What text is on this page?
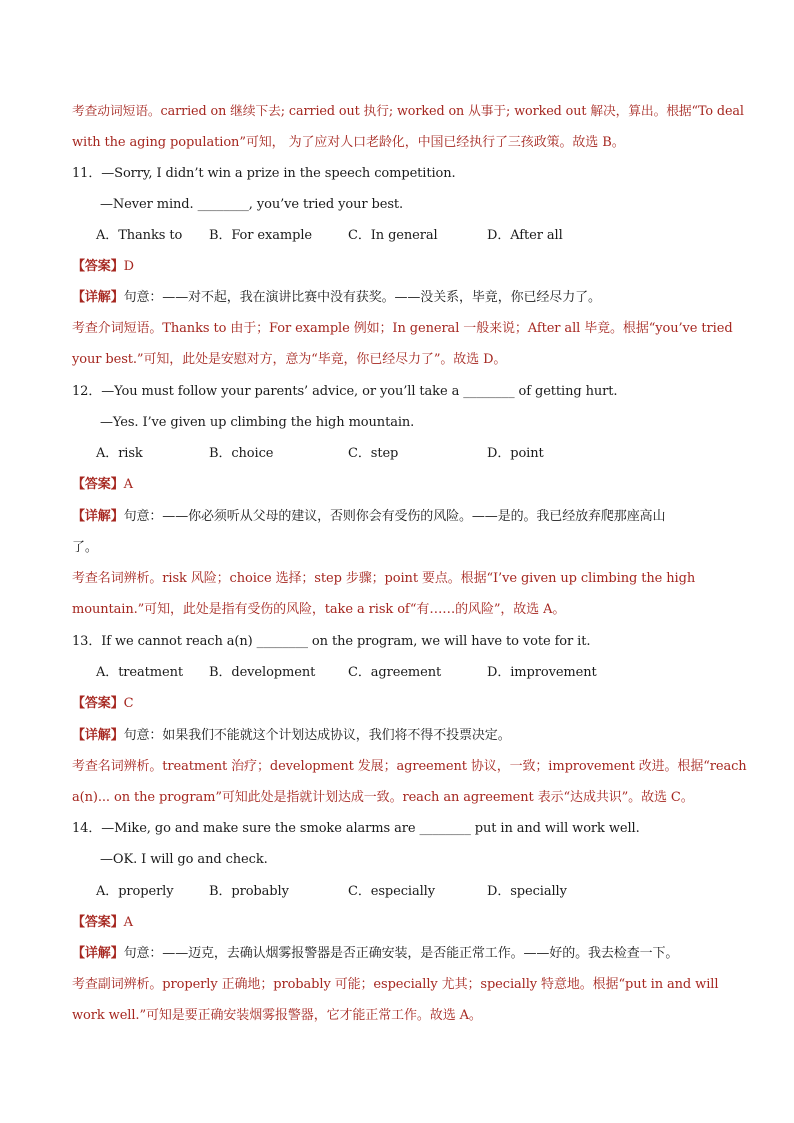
考查动词短语。carried on 继续下去; carried out 执行; worked on 从事于; worked out 解决，算出。根据“To deal
with the aging population”可知， 为了应对人口老龄化，中国已经执行了三孩政策。故选 B。
11．—Sorry, I didn’t win a prize in the speech competition.
—Never mind. ________, you’ve tried your best.
A．Thanks to B．For example	C．In general	D．After all
【答案】D
【详解】句意：——对不起，我在演讲比赛中没有获奖。——没关系，毕竟，你已经尽力了。
考查介词短语。Thanks to 由于；For example 例如；In general 一般来说；After all 毕竟。根据“you’ve tried
your best.”可知，此处是安慰对方，意为“毕竟，你已经尽力了”。故选 D。
12．—You must follow your parents’ advice, or you’ll take a ________ of getting hurt.
—Yes. I’ve given up climbing the high mountain.
A．risk	B．choice	C．step	D．point
【答案】A
【详解】句意：——你必须听从父母的建议，否则你会有受伤的风险。——是的。我已经放弃爬那座高山
了。
考查名词辨析。risk 风险；choice 选择；step 步骤；point 要点。根据“I’ve given up climbing the high
mountain.”可知，此处是指有受伤的风险，take a risk of“有……的风险”，故选 A。
13．If we cannot reach a(n) ________ on the program, we will have to vote for it.
A．treatment B．development	C．agreement	D．improvement
【答案】C
【详解】句意：如果我们不能就这个计划达成协议，我们将不得不投票决定。
考查名词辨析。treatment 治疗；development 发展；agreement 协议，一致；improvement 改进。根据“reach
a(n)... on the program”可知此处是指就计划达成一致。reach an agreement 表示“达成共识”。故选 C。
14．—Mike, go and make sure the smoke alarms are ________ put in and will work well.
—OK. I will go and check.
A．properly	B．probably	C．especially	D．specially
【答案】A
【详解】句意：——迈克，去确认烟雾报警器是否正确安装，是否能正常工作。——好的。我去检查一下。
考查副词辨析。properly 正确地；probably 可能；especially 尤其；specially 特意地。根据“put in and will
work well.”可知是要正确安装烟雾报警器，它才能正常工作。故选 A。
